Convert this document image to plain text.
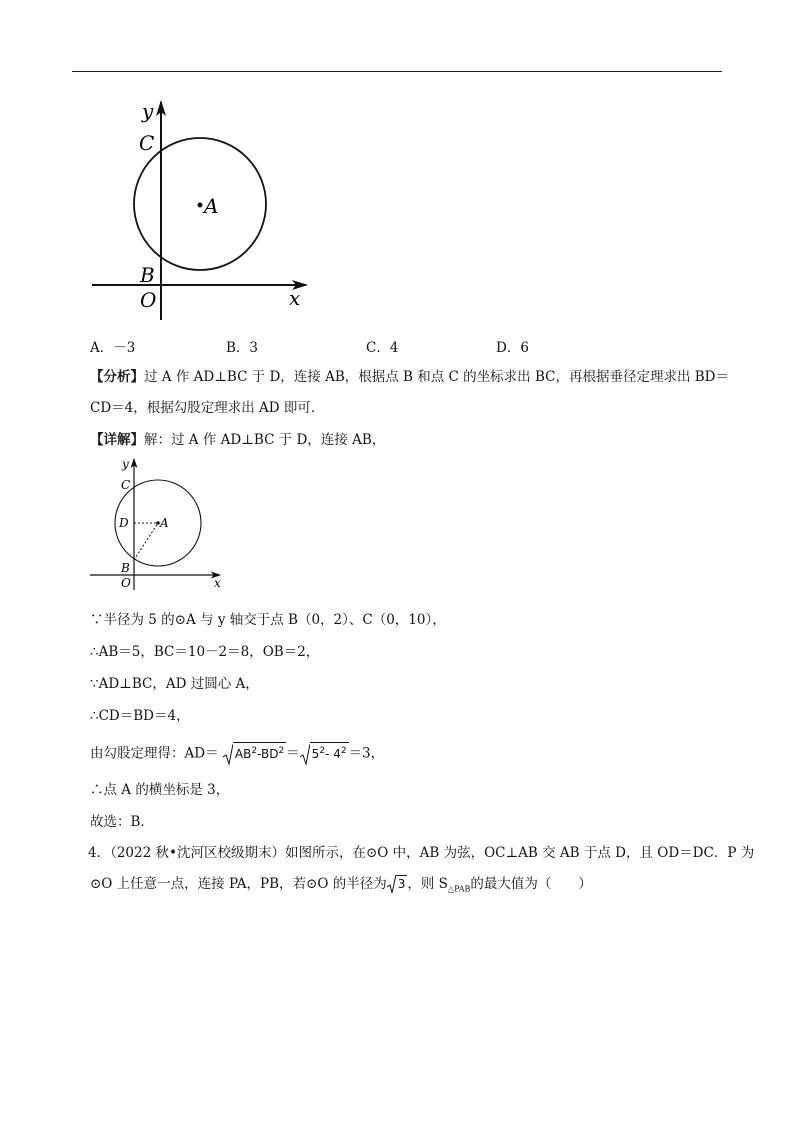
y
C
A
B
O	x
A．－3	B．3	C．4	D．6
【分析】过 A 作 AD⊥BC 于 D，连接 AB，根据点 B 和点 C 的坐标求出 BC，再根据垂径定理求出 BD＝
CD＝4，根据勾股定理求出 AD 即可．
【详解】解：过 A 作 AD⊥BC 于 D，连接 AB，
y
C
D	A
B
O	x
∵半径为 5 的⊙A 与 y 轴交于点 B（0，2）、C（0，10），
∴AB＝5，BC＝10－2＝8，OB＝2，
∵AD⊥BC，AD 过圆心 A，
∴CD＝BD＝4，
由勾股定理得：$AD= AB^2-BD^2 = 5^2-$ $4^2 =3$，
∴点 A 的横坐标是 3，
故选：B．
4．（2022 秋•沈河区校级期末）如图所示，在⊙O 中，AB 为弦，OC⊥AB 交 AB 于点 D，且 OD＝DC．P 为
⊙O 上任意一点，连接 PA，PB，若⊙O 的半径为 3 ，则 $S_{\triangle PAB}$的最大值为（　　）
